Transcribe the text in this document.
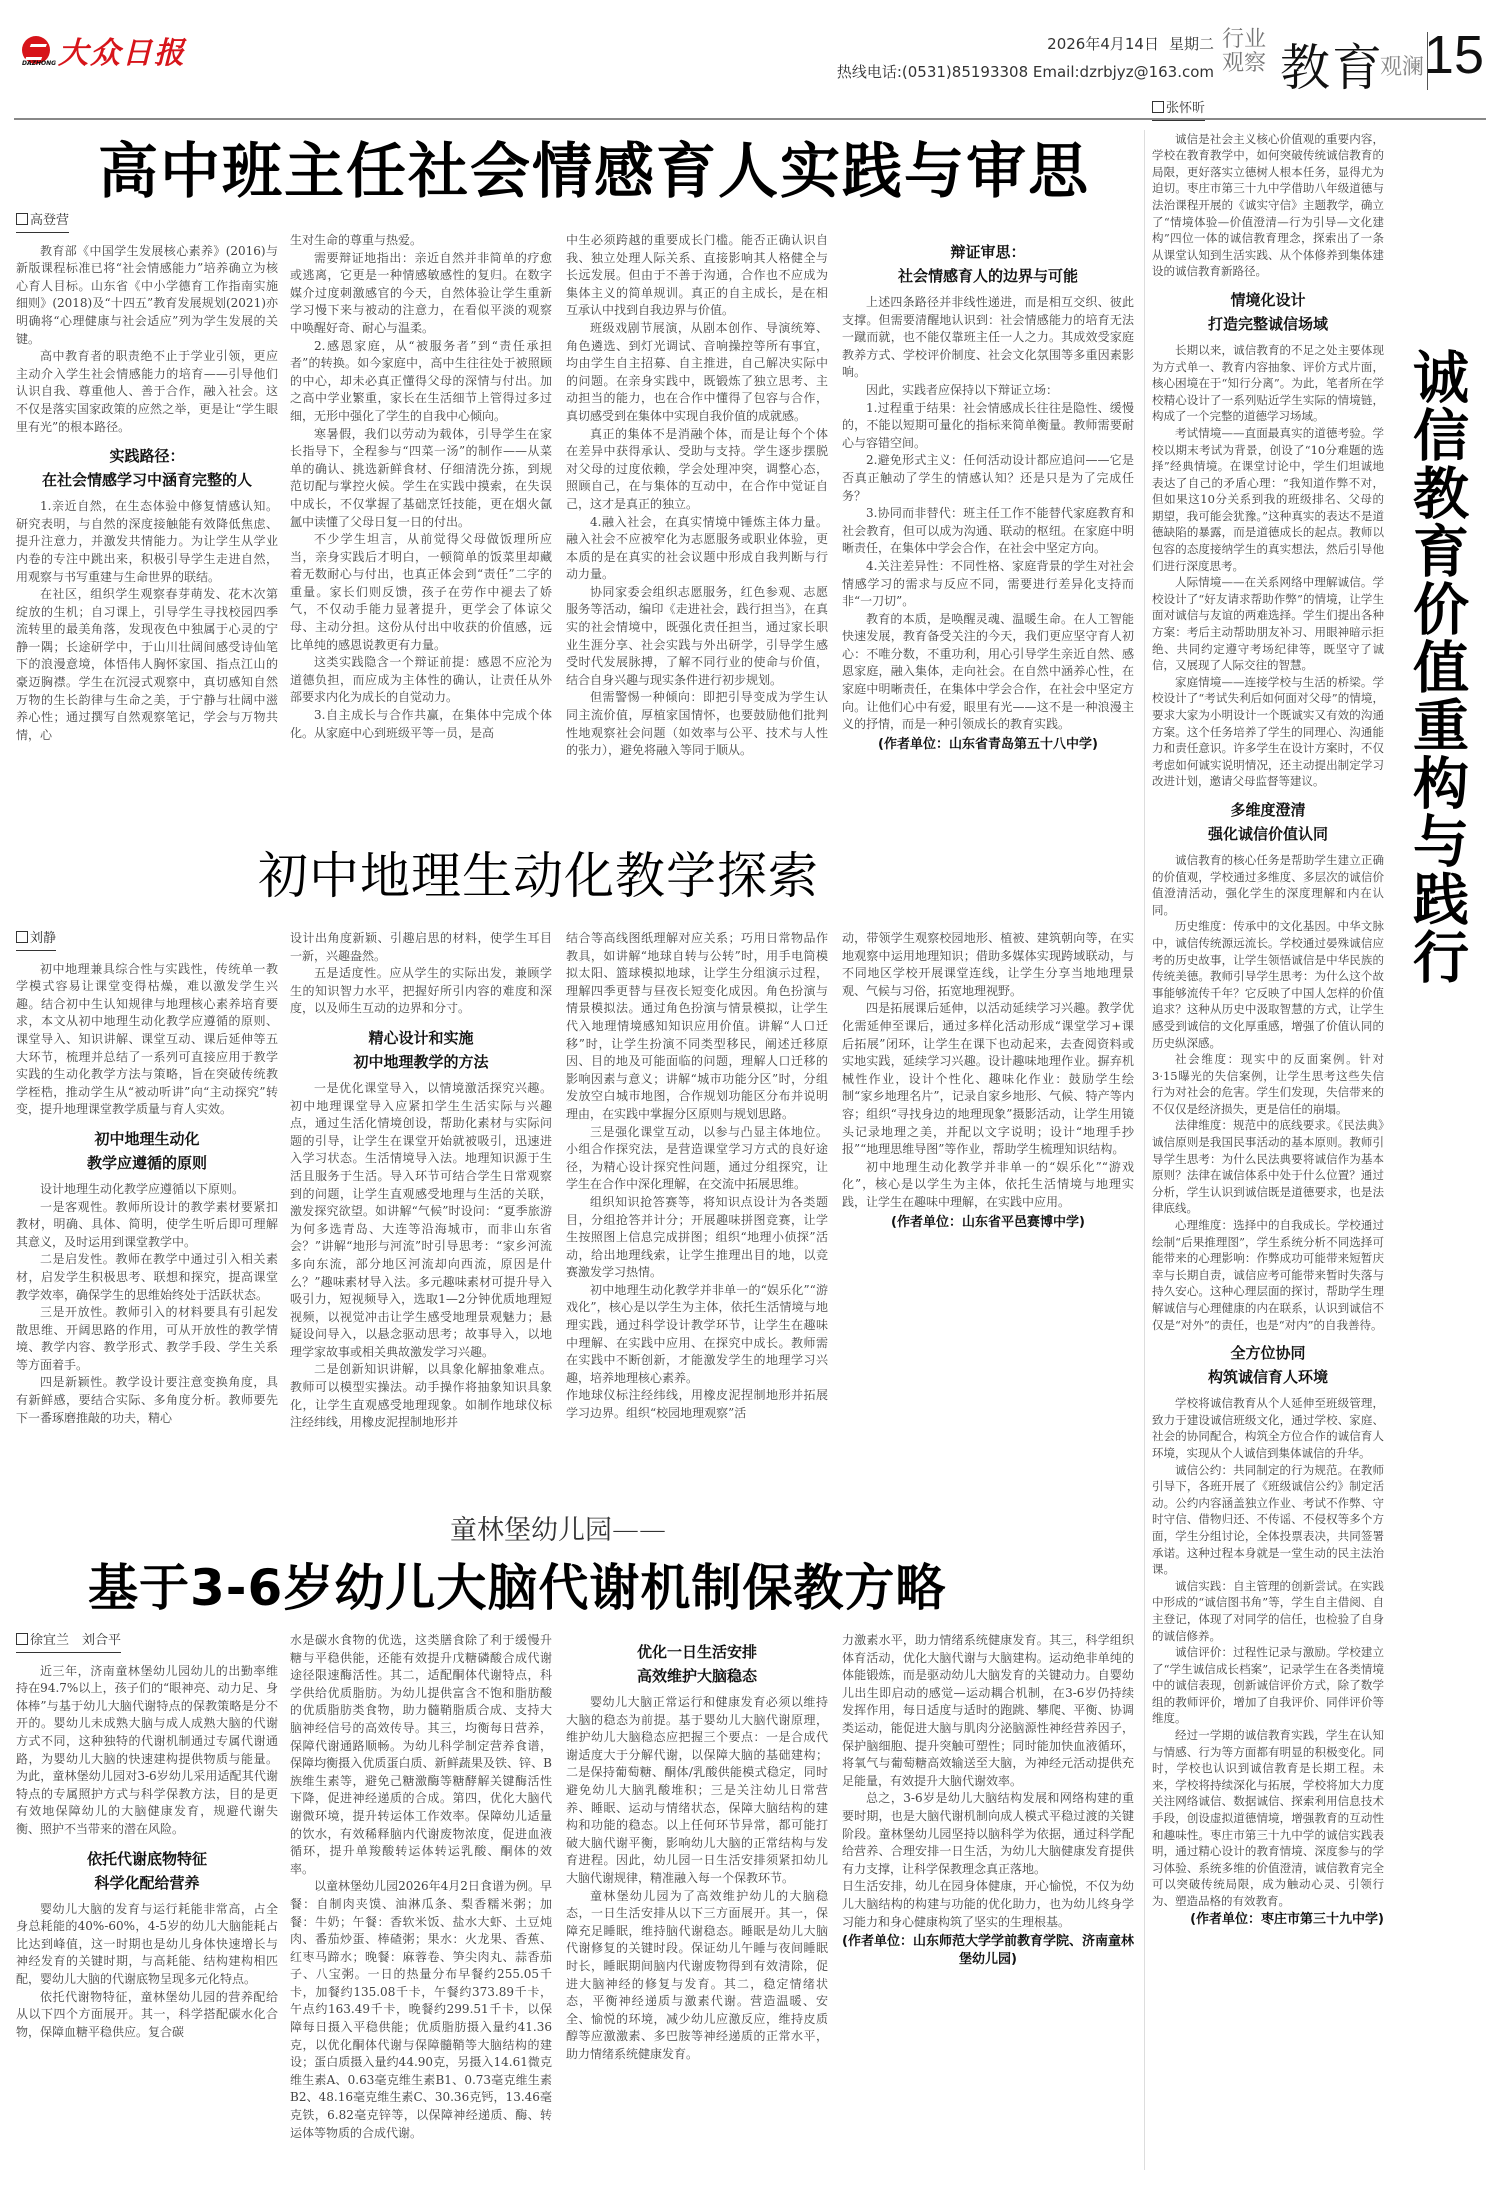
DAZHONG 大众日报	2026年4月14日 星期二
热线电话:(0531)85193308 Email:dzrbjyz@163.com
行业
观察 教育
观澜 15
高中班主任社会情感育人实践与审思
高登营

教育部《中国学生发展核心素养》(2016)与新版课程标准已将“社会情感能力”培养确立为核心育人目标。山东省《中小学德育工作指南实施细则》(2018)及“十四五”教育发展规划(2021)亦明确将“心理健康与社会适应”列为学生发展的关键。

高中教育者的职责绝不止于学业引领，更应主动介入学生社会情感能力的培育——引导他们认识自我、尊重他人、善于合作，融入社会。这不仅是落实国家政策的应然之举，更是让“学生眼里有光”的根本路径。

实践路径：
在社会情感学习中涵育完整的人

1.亲近自然，在生态体验中修复情感认知。研究表明，与自然的深度接触能有效降低焦虑、提升注意力，并激发共情能力。为让学生从学业内卷的专注中跳出来，积极引导学生走进自然，用观察与书写重建与生命世界的联结。

在社区，组织学生观察春芽萌发、花木次第绽放的生机；自习课上，引导学生寻找校园四季流转里的最美角落，发现夜色中独属于心灵的宁静一隅；长途研学中，于山川壮阔间感受诗仙笔下的浪漫意境，体悟伟人胸怀家国、指点江山的豪迈胸襟。学生在沉浸式观察中，真切感知自然万物的生长韵律与生命之美，于宁静与壮阔中滋养心性；通过撰写自然观察笔记，学会与万物共情，心

生对生命的尊重与热爱。

需要辩证地指出：亲近自然并非简单的疗愈或逃离，它更是一种情感敏感性的复归。在数字媒介过度刺激感官的今天，自然体验让学生重新学习慢下来与被动的注意力，在看似平淡的观察中唤醒好奇、耐心与温柔。

2.感恩家庭，从“被服务者”到“责任承担者”的转换。如今家庭中，高中生往往处于被照顾的中心，却未必真正懂得父母的深情与付出。加之高中学业繁重，家长在生活细节上管得过多过细，无形中强化了学生的自我中心倾向。

寒暑假，我们以劳动为载体，引导学生在家长指导下，全程参与“四菜一汤”的制作——从菜单的确认、挑选新鲜食材、仔细清洗分拣，到规范切配与掌控火候。学生在实践中摸索，在失误中成长，不仅掌握了基础烹饪技能，更在烟火氤氲中读懂了父母日复一日的付出。

不少学生坦言，从前觉得父母做饭理所应当，亲身实践后才明白，一顿简单的饭菜里却藏着无数耐心与付出，也真正体会到“责任”二字的重量。家长们则反馈，孩子在劳作中褪去了娇气，不仅动手能力显著提升，更学会了体谅父母、主动分担。这份从付出中收获的价值感，远比单纯的感恩说教更有力量。

这类实践隐含一个辩证前提：感恩不应沦为道德负担，而应成为主体性的确认，让责任从外部要求内化为成长的自觉动力。

3.自主成长与合作共赢，在集体中完成个体化。从家庭中心到班级平等一员，是高

中生必须跨越的重要成长门槛。能否正确认识自我、独立处理人际关系、直接影响其人格健全与长远发展。但由于不善于沟通，合作也不应成为集体主义的简单规训。真正的自主成长，是在相互承认中找到自我边界与价值。

班级戏剧节展演，从剧本创作、导演统筹、角色遴选、到灯光调试、音响操控等所有事宜，均由学生自主招募、自主推进，自己解决实际中的问题。在亲身实践中，既锻炼了独立思考、主动担当的能力，也在合作中懂得了包容与合作，真切感受到在集体中实现自我价值的成就感。

真正的集体不是消融个体，而是让每个个体在差异中获得承认、受助与支持。学生逐步摆脱对父母的过度依赖，学会处理冲突，调整心态，照顾自己，在与集体的互动中，在合作中觉证自己，这才是真正的独立。

4.融入社会，在真实情境中锤炼主体力量。融入社会不应被窄化为志愿服务或职业体验，更本质的是在真实的社会议题中形成自我判断与行动力量。

协同家委会组织志愿服务，红色参观、志愿服务等活动，编印《走进社会，践行担当》，在真实的社会情境中，既强化责任担当，通过家长职业生涯分享、社会实践与外出研学，引导学生感受时代发展脉搏，了解不同行业的使命与价值，结合自身兴趣与现实条件进行初步规划。

但需警惕一种倾向：即把引导变成为学生认同主流价值，厚植家国情怀，也要鼓励他们批判性地观察社会问题（如效率与公平、技术与人性的张力），避免将融入等同于顺从。

辩证审思：
社会情感育人的边界与可能

上述四条路径并非线性递进，而是相互交织、彼此支撑。但需要清醒地认识到：社会情感能力的培育无法一蹴而就，也不能仅靠班主任一人之力。其成效受家庭教养方式、学校评价制度、社会文化氛围等多重因素影响。

因此，实践者应保持以下辩证立场：

1.过程重于结果：社会情感成长往往是隐性、缓慢的，不能以短期可量化的指标来简单衡量。教师需要耐心与容错空间。

2.避免形式主义：任何活动设计都应追问——它是否真正触动了学生的情感认知？还是只是为了完成任务？

3.协同而非替代：班主任工作不能替代家庭教育和社会教育，但可以成为沟通、联动的枢纽。在家庭中明晰责任，在集体中学会合作，在社会中坚定方向。

4.关注差异性：不同性格、家庭背景的学生对社会情感学习的需求与反应不同，需要进行差异化支持而非“一刀切”。

教育的本质，是唤醒灵魂、温暖生命。在人工智能快速发展，教育备受关注的今天，我们更应坚守育人初心：不唯分数，不重功利，用心引导学生亲近自然、感恩家庭，融入集体，走向社会。在自然中涵养心性，在家庭中明晰责任，在集体中学会合作，在社会中坚定方向。让他们心中有爱，眼里有光——这不是一种浪漫主义的抒情，而是一种引领成长的教育实践。

(作者单位：山东省青岛第五十八中学)
初中地理生动化教学探索
刘静

初中地理兼具综合性与实践性，传统单一教学模式容易让课堂变得枯燥，难以激发学生兴趣。结合初中生认知规律与地理核心素养培育要求，本文从初中地理生动化教学应遵循的原则、课堂导入、知识讲解、课堂互动、课后延伸等五大环节，梳理并总结了一系列可直接应用于教学实践的生动化教学方法与策略，旨在突破传统教学桎梏，推动学生从“被动听讲”向“主动探究”转变，提升地理课堂教学质量与育人实效。

初中地理生动化
教学应遵循的原则

设计地理生动化教学应遵循以下原则。

一是客观性。教师所设计的教学素材要紧扣教材，明确、具体、简明，使学生听后即可理解其意义，及时运用到课堂教学中。

二是启发性。教师在教学中通过引入相关素材，启发学生积极思考、联想和探究，提高课堂教学效率，确保学生的思维始终处于活跃状态。

三是开放性。教师引入的材料要具有引起发散思维、开阔思路的作用，可从开放性的教学情境、教学内容、教学形式、教学手段、学生关系等方面着手。

四是新颖性。教学设计要注意变换角度，具有新鲜感，要结合实际、多角度分析。教师要先下一番琢磨推敲的功夫，精心

设计出角度新颖、引趣启思的材料，使学生耳目一新，兴趣盎然。

五是适度性。应从学生的实际出发，兼顾学生的知识智力水平，把握好所引内容的难度和深度，以及师生互动的边界和分寸。

精心设计和实施
初中地理教学的方法

一是优化课堂导入，以情境激活探究兴趣。初中地理课堂导入应紧扣学生生活实际与兴趣点，通过生活化情境创设，帮助化素材与实际问题的引导，让学生在课堂开始就被吸引，迅速进入学习状态。生活情境导入法。地理知识源于生活且服务于生活。导入环节可结合学生日常观察到的问题，让学生直观感受地理与生活的关联，激发探究欲望。如讲解“气候”时设问：“夏季旅游为何多选青岛、大连等沿海城市，而非山东省会？”讲解“地形与河流”时引导思考：“家乡河流多向东流，部分地区河流却向西流，原因是什么？”趣味素材导入法。多元趣味素材可提升导入吸引力，短视频导入，选取1—2分钟优质地理短视频，以视觉冲击让学生感受地理景观魅力；悬疑设问导入，以悬念驱动思考；故事导入，以地理学家故事或相关典故激发学习兴趣。

二是创新知识讲解，以具象化解抽象难点。教师可以模型实操法。动手操作将抽象知识具象化，让学生直观感受地理现象。如制作地球仪标注经纬线，用橡皮泥捏制地形并

结合等高线图纸理解对应关系；巧用日常物品作教具，如讲解“地球自转与公转”时，用手电筒模拟太阳、篮球模拟地球，让学生分组演示过程，理解四季更替与昼夜长短变化成因。角色扮演与情景模拟法。通过角色扮演与情景模拟，让学生代入地理情境感知知识应用价值。讲解“人口迁移”时，让学生扮演不同类型移民，阐述迁移原因、目的地及可能面临的问题，理解人口迁移的影响因素与意义；讲解“城市功能分区”时，分组发放空白城市地图，合作规划功能区分布并说明理由，在实践中掌握分区原则与规划思路。

三是强化课堂互动，以参与凸显主体地位。小组合作探究法，是营造课堂学习方式的良好途径，为精心设计探究性问题，通过分组探究，让学生在合作中深化理解，在交流中拓展思维。

组织知识抢答赛等，将知识点设计为各类题目，分组抢答并计分；开展趣味拼图竞赛，让学生按照图上信息完成拼图；组织“地理小侦探”活动，给出地理线索，让学生推理出目的地，以竞赛激发学习热情。

初中地理生动化教学并非单一的“娱乐化”“游戏化”，核心是以学生为主体，依托生活情境与地理实践，通过科学设计教学环节，让学生在趣味中理解、在实践中应用、在探究中成长。教师需在实践中不断创新，才能激发学生的地理学习兴趣，培养地理核心素养。

作地球仪标注经纬线，用橡皮泥捏制地形并拓展学习边界。组织“校园地理观察”活

动，带领学生观察校园地形、植被、建筑朝向等，在实地观察中运用地理知识；借助多媒体实现跨域联动，与不同地区学校开展课堂连线，让学生分享当地地理景观、气候与习俗，拓宽地理视野。

四是拓展课后延伸，以活动延续学习兴趣。教学优化需延伸至课后，通过多样化活动形成“课堂学习+课后拓展”闭环，让学生在课下也动起来，去查阅资料或实地实践，延续学习兴趣。设计趣味地理作业。摒弃机械性作业，设计个性化、趣味化作业：鼓励学生绘制“家乡地理名片”，记录自家乡地形、气候、特产等内容；组织“寻找身边的地理现象”摄影活动，让学生用镜头记录地理之美，并配以文字说明；设计“地理手抄报”“地理思维导图”等作业，帮助学生梳理知识结构。

初中地理生动化教学并非单一的“娱乐化”“游戏化”，核心是以学生为主体，依托生活情境与地理实践，让学生在趣味中理解，在实践中应用。

(作者单位：山东省平邑赛博中学)
童林堡幼儿园——
基于3-6岁幼儿大脑代谢机制保教方略
徐宜兰　刘合平

近三年，济南童林堡幼儿园幼儿的出勤率维持在94.7%以上，孩子们的“眼神亮、动力足、身体棒”与基于幼儿大脑代谢特点的保教策略是分不开的。婴幼儿未成熟大脑与成人成熟大脑的代谢方式不同，这种独特的代谢机制通过专属代谢通路，为婴幼儿大脑的快速建构提供物质与能量。为此，童林堡幼儿园对3-6岁幼儿采用适配其代谢特点的专属照护方式与科学保教方法，目的是更有效地保障幼儿的大脑健康发育，规避代谢失衡、照护不当带来的潜在风险。

依托代谢底物特征
科学化配给营养

婴幼儿大脑的发育与运行耗能非常高，占全身总耗能的40%-60%，4-5岁的幼儿大脑能耗占比达到峰值，这一时期也是幼儿身体快速增长与神经发育的关键时期，与高耗能、结构建构相匹配，婴幼儿大脑的代谢底物呈现多元化特点。

依托代谢物特征，童林堡幼儿园的营养配给从以下四个方面展开。其一，科学搭配碳水化合物，保障血糖平稳供应。复合碳

水是碳水食物的优选，这类膳食除了利于缓慢升糖与平稳供能，还能有效提升戊糖磷酸合成代谢途径限速酶活性。其二，适配酮体代谢特点，科学供给优质脂肪。为幼儿提供富含不饱和脂肪酸的优质脂肪类食物，助力髓鞘脂质合成、支持大脑神经信号的高效传导。其三，均衡每日营养，保障代谢通路顺畅。为幼儿科学制定营养食谱，保障均衡摄入优质蛋白质、新鲜蔬果及铁、锌、B族维生素等，避免己糖激酶等糖酵解关键酶活性下降，促进神经递质的合成。第四，优化大脑代谢微环境，提升转运体工作效率。保障幼儿适量的饮水，有效稀释脑内代谢废物浓度，促进血液循环，提升单羧酸转运体转运乳酸、酮体的效率。

以童林堡幼儿园2026年4月2日食谱为例。早餐：自制肉夹馍、油淋瓜条、梨香糯米粥；加餐：牛奶；午餐：香软米饭、盐水大虾、土豆炖肉、番茄炒蛋、棒碴粥；果水：火龙果、香蕉、红枣马蹄水；晚餐：麻蓉卷、笋尖肉丸、蒜香茄子、八宝粥。一日的热量分布早餐约255.05千卡，加餐约135.08千卡，午餐约373.89千卡，午点约163.49千卡，晚餐约299.51千卡，以保障每日摄入平稳供能；优质脂肪摄入量约41.36克，以优化酮体代谢与保障髓鞘等大脑结构的建设；蛋白质摄入量约44.90克，另摄入14.61微克维生素A、0.63毫克维生素B1、0.73毫克维生素B2、48.16毫克维生素C、30.36克钙，13.46毫克铁，6.82毫克锌等，以保障神经递质、酶、转运体等物质的合成代谢。

优化一日生活安排
高效维护大脑稳态

婴幼儿大脑正常运行和健康发育必须以维持大脑的稳态为前提。基于婴幼儿大脑代谢原理，维护幼儿大脑稳态应把握三个要点：一是合成代谢适度大于分解代谢，以保障大脑的基础建构；二是保持葡萄糖、酮体/乳酸供能模式稳定，同时避免幼儿大脑乳酸堆积；三是关注幼儿日常营养、睡眠、运动与情绪状态，保障大脑结构的建构和功能的稳态。以上任何环节异常，都可能打破大脑代谢平衡，影响幼儿大脑的正常结构与发育进程。因此，幼儿园一日生活安排须紧扣幼儿大脑代谢规律，精准融入每一个保教环节。

童林堡幼儿园为了高效维护幼儿的大脑稳态，一日生活安排从以下三方面展开。其一，保障充足睡眠，维持脑代谢稳态。睡眠是幼儿大脑代谢修复的关键时段。保证幼儿午睡与夜间睡眠时长，睡眠期间脑内代谢废物得到有效清除，促进大脑神经的修复与发育。其二，稳定情绪状态，平衡神经递质与激素代谢。营造温暖、安全、愉悦的环境，减少幼儿应激反应，维持皮质醇等应激激素、多巴胺等神经递质的正常水平，助力情绪系统健康发育。

力激素水平，助力情绪系统健康发育。其三，科学组织体育活动，优化大脑代谢与大脑建构。运动绝非单纯的体能锻炼，而是驱动幼儿大脑发育的关键动力。自婴幼儿出生即启动的感觉—运动耦合机制，在3-6岁仍持续发挥作用，每日适度与适时的跑跳、攀爬、平衡、协调类运动，能促进大脑与肌肉分泌脑源性神经营养因子，保护脑细胞、提升突触可塑性；同时能加快血液循环，将氧气与葡萄糖高效输送至大脑，为神经元活动提供充足能量，有效提升大脑代谢效率。

总之，3-6岁是幼儿大脑结构发展和网络构建的重要时期，也是大脑代谢机制向成人模式平稳过渡的关键阶段。童林堡幼儿园坚持以脑科学为依据，通过科学配给营养、合理安排一日生活，为幼儿大脑健康发育提供有力支撑，让科学保教理念真正落地。

日生活安排，幼儿在园身体健康，开心愉悦，不仅为幼儿大脑结构的构建与功能的优化助力，也为幼儿终身学习能力和身心健康构筑了坚实的生理根基。

(作者单位：山东师范大学学前教育学院、济南童林堡幼儿园)
诚信教育价值重构与践行
张怀昕

诚信是社会主义核心价值观的重要内容，学校在教育教学中，如何突破传统诚信教育的局限，更好落实立德树人根本任务，显得尤为迫切。枣庄市第三十九中学借助八年级道德与法治课程开展的《诚实守信》主题教学，确立了“情境体验—价值澄清—行为引导—文化建构”四位一体的诚信教育理念，探索出了一条从课堂认知到生活实践、从个体修养到集体建设的诚信教育新路径。

情境化设计
打造完整诚信场域

长期以来，诚信教育的不足之处主要体现为方式单一、教育内容抽象、评价方式片面，核心困境在于“知行分离”。为此，笔者所在学校精心设计了一系列贴近学生实际的情境链，构成了一个完整的道德学习场域。

考试情境——直面最真实的道德考验。学校以期末考试为背景，创设了“10分难题的选择”经典情境。在课堂讨论中，学生们坦诚地表达了自己的矛盾心理：“我知道作弊不对，但如果这10分关系到我的班级排名、父母的期望，我可能会犹豫。”这种真实的表达不是道德缺陷的暴露，而是道德成长的起点。教师以包容的态度接纳学生的真实想法，然后引导他们进行深度思考。

人际情境——在关系网络中理解诚信。学校设计了“好友请求帮助作弊”的情境，让学生面对诚信与友谊的两难选择。学生们提出各种方案：考后主动帮助朋友补习、用眼神暗示拒绝、共同约定遵守考场纪律等，既坚守了诚信，又展现了人际交往的智慧。

家庭情境——连接学校与生活的桥梁。学校设计了“考试失利后如何面对父母”的情境，要求大家为小明设计一个既诚实又有效的沟通方案。这个任务培养了学生的同理心、沟通能力和责任意识。许多学生在设计方案时，不仅考虑如何诚实说明情况，还主动提出制定学习改进计划，邀请父母监督等建议。

多维度澄清
强化诚信价值认同

诚信教育的核心任务是帮助学生建立正确的价值观，学校通过多维度、多层次的诚信价值澄清活动，强化学生的深度理解和内在认同。

历史维度：传承中的文化基因。中华文脉中，诚信传统源远流长。学校通过晏殊诚信应考的历史故事，让学生领悟诚信是中华民族的传统美德。教师引导学生思考：为什么这个故事能够流传千年？它反映了中国人怎样的价值追求？这种从历史中汲取智慧的方式，让学生感受到诚信的文化厚重感，增强了价值认同的历史纵深感。

社会维度：现实中的反面案例。针对3·15曝光的失信案例，让学生思考这些失信行为对社会的危害。学生们发现，失信带来的不仅仅是经济损失，更是信任的崩塌。

法律维度：规范中的底线要求。《民法典》诚信原则是我国民事活动的基本原则。教师引导学生思考：为什么民法典要将诚信作为基本原则？法律在诚信体系中处于什么位置？通过分析，学生认识到诚信既是道德要求，也是法律底线。

心理维度：选择中的自我成长。学校通过绘制“后果推理图”，学生系统分析不同选择可能带来的心理影响：作弊成功可能带来短暂庆幸与长期自责，诚信应考可能带来暂时失落与持久安心。这种心理层面的探讨，帮助学生理解诚信与心理健康的内在联系，认识到诚信不仅是“对外”的责任，也是“对内”的自我善待。

全方位协同
构筑诚信育人环境

学校将诚信教育从个人延伸至班级管理，致力于建设诚信班级文化，通过学校、家庭、社会的协同配合，构筑全方位合作的诚信育人环境，实现从个人诚信到集体诚信的升华。

诚信公约：共同制定的行为规范。在教师引导下，各班开展了《班级诚信公约》制定活动。公约内容涵盖独立作业、考试不作弊、守时守信、借物归还、不传谣、不侵权等多个方面，学生分组讨论，全体投票表决，共同签署承诺。这种过程本身就是一堂生动的民主法治课。

诚信实践：自主管理的创新尝试。在实践中形成的“诚信图书角”等，学生自主借阅、自主登记，体现了对同学的信任，也检验了自身的诚信修养。

诚信评价：过程性记录与激励。学校建立了“学生诚信成长档案”，记录学生在各类情境中的诚信表现，创新诚信评价方式，除了数学组的教师评价，增加了自我评价、同伴评价等维度。

经过一学期的诚信教育实践，学生在认知与情感、行为等方面都有明显的积极变化。同时，学校也认识到诚信教育是长期工程。未来，学校将持续深化与拓展，学校将加大力度关注网络诚信、数据诚信、探索利用信息技术手段，创设虚拟道德情境，增强教育的互动性和趣味性。枣庄市第三十九中学的诚信实践表明，通过精心设计的教育情境、深度参与的学习体验、系统多维的价值澄清，诚信教育完全可以突破传统局限，成为触动心灵、引领行为、塑造品格的有效教育。

(作者单位：枣庄市第三十九中学)
